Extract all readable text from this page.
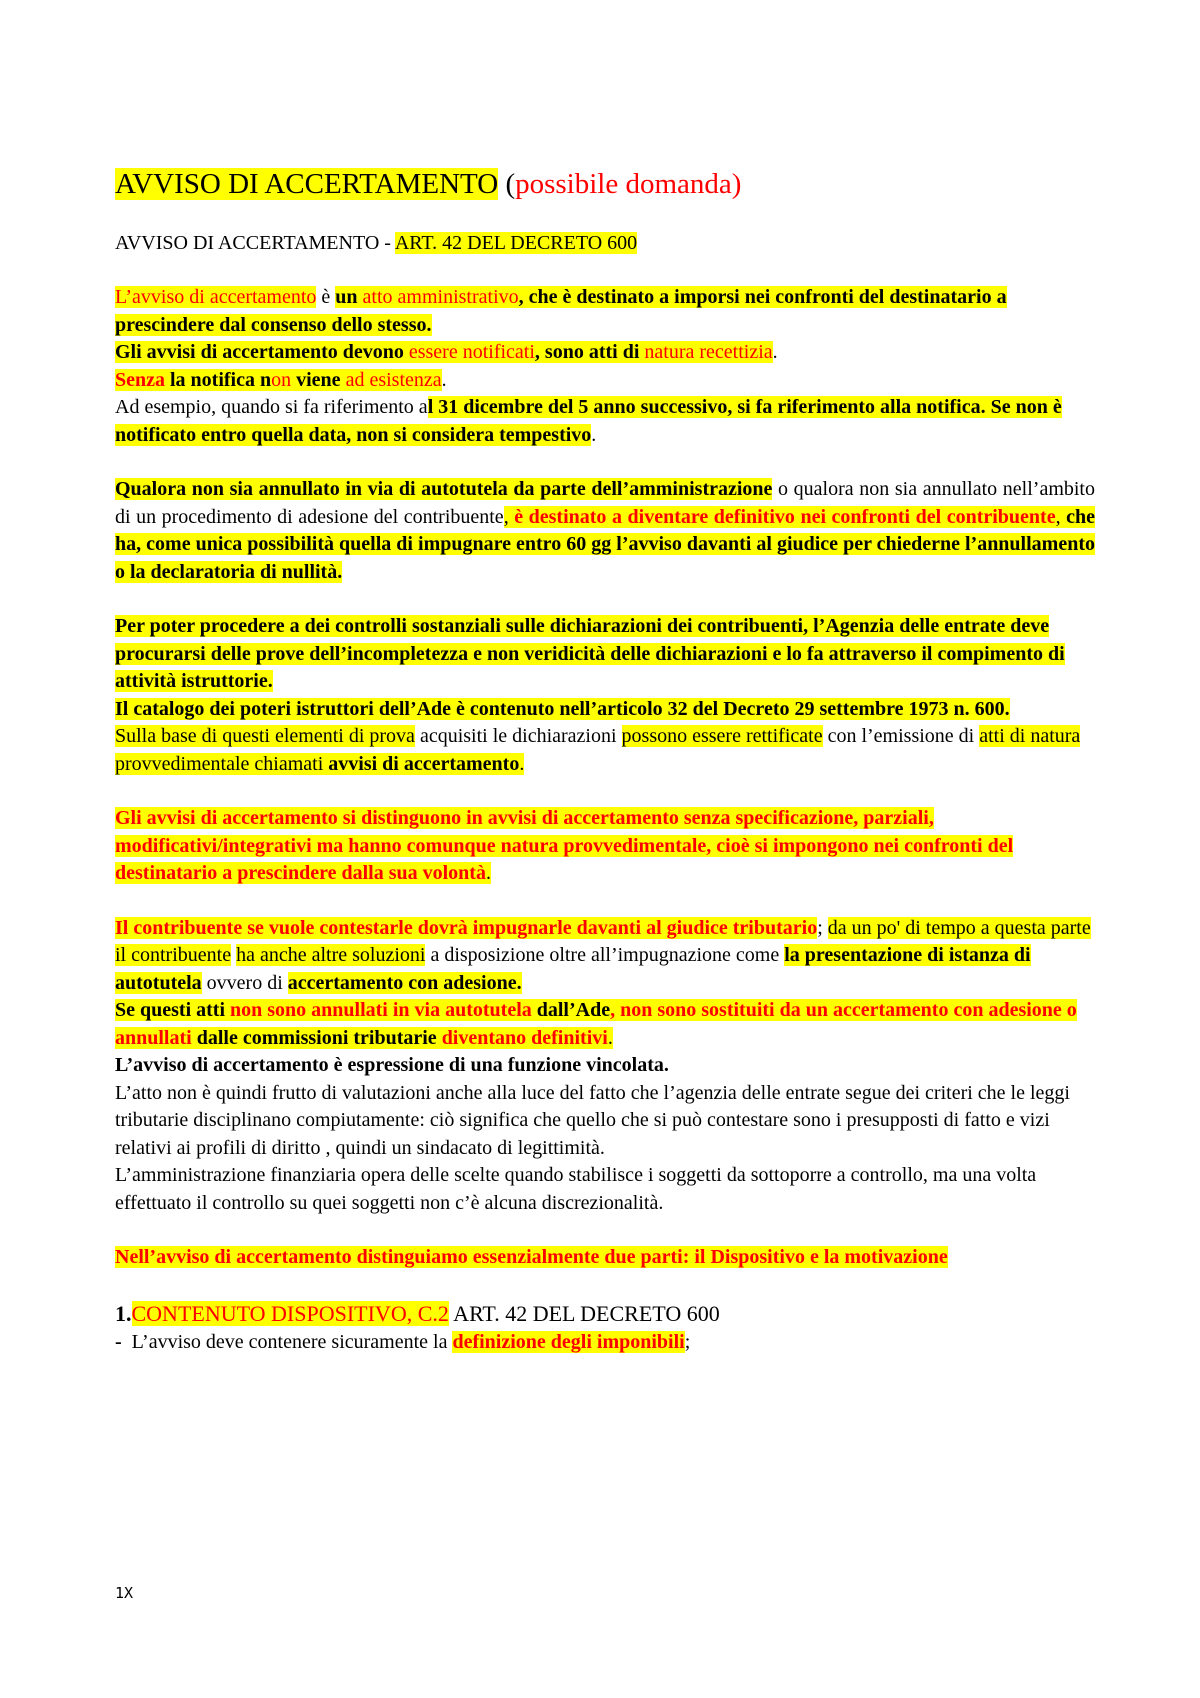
AVVISO DI ACCERTAMENTO (possibile domanda)
AVVISO DI ACCERTAMENTO - ART. 42 DEL DECRETO 600

L’avviso di accertamento è un atto amministrativo, che è destinato a imporsi nei confronti del destinatario a prescindere dal consenso dello stesso.

Gli avvisi di accertamento devono essere notificati, sono atti di natura recettizia.

Senza la notifica non viene ad esistenza.

Ad esempio, quando si fa riferimento al 31 dicembre del 5 anno successivo, si fa riferimento alla notifica. Se non è notificato entro quella data, non si considera tempestivo.

Qualora non sia annullato in via di autotutela da parte dell’amministrazione o qualora non sia annullato nell’ambito di un procedimento di adesione del contribuente, è destinato a diventare definitivo nei confronti del contribuente, che ha, come unica possibilità quella di impugnare entro 60 gg l’avviso davanti al giudice per chiederne l’annullamento o la declaratoria di nullità.

Per poter procedere a dei controlli sostanziali sulle dichiarazioni dei contribuenti, l’Agenzia delle entrate deve procurarsi delle prove dell’incompletezza e non veridicità delle dichiarazioni e lo fa attraverso il compimento di attività istruttorie.

Il catalogo dei poteri istruttori dell’Ade è contenuto nell’articolo 32 del Decreto 29 settembre 1973 n. 600.

Sulla base di questi elementi di prova acquisiti le dichiarazioni possono essere rettificate con l’emissione di atti di natura provvedimentale chiamati avvisi di accertamento.

Gli avvisi di accertamento si distinguono in avvisi di accertamento senza specificazione, parziali, modificativi/integrativi ma hanno comunque natura provvedimentale, cioè si impongono nei confronti del destinatario a prescindere dalla sua volontà.

Il contribuente se vuole contestarle dovrà impugnarle davanti al giudice tributario; da un po' di tempo a questa parte il contribuente ha anche altre soluzioni a disposizione oltre all’impugnazione come la presentazione di istanza di autotutela ovvero di accertamento con adesione.

Se questi atti non sono annullati in via autotutela dall’Ade, non sono sostituiti da un accertamento con adesione o annullati dalle commissioni tributarie diventano definitivi.

L’avviso di accertamento è espressione di una funzione vincolata.

L’atto non è quindi frutto di valutazioni anche alla luce del fatto che l’agenzia delle entrate segue dei criteri che le leggi tributarie disciplinano compiutamente: ciò significa che quello che si può contestare sono i presupposti di fatto e vizi relativi ai profili di diritto , quindi un sindacato di legittimità.

L’amministrazione finanziaria opera delle scelte quando stabilisce i soggetti da sottoporre a controllo, ma una volta effettuato il controllo su quei soggetti non c’è alcuna discrezionalità.

Nell’avviso di accertamento distinguiamo essenzialmente due parti: il Dispositivo e la motivazione

1.CONTENUTO DISPOSITIVO, C.2 ART. 42 DEL DECRETO 600

- L’avviso deve contenere sicuramente la definizione degli imponibili;

1X
